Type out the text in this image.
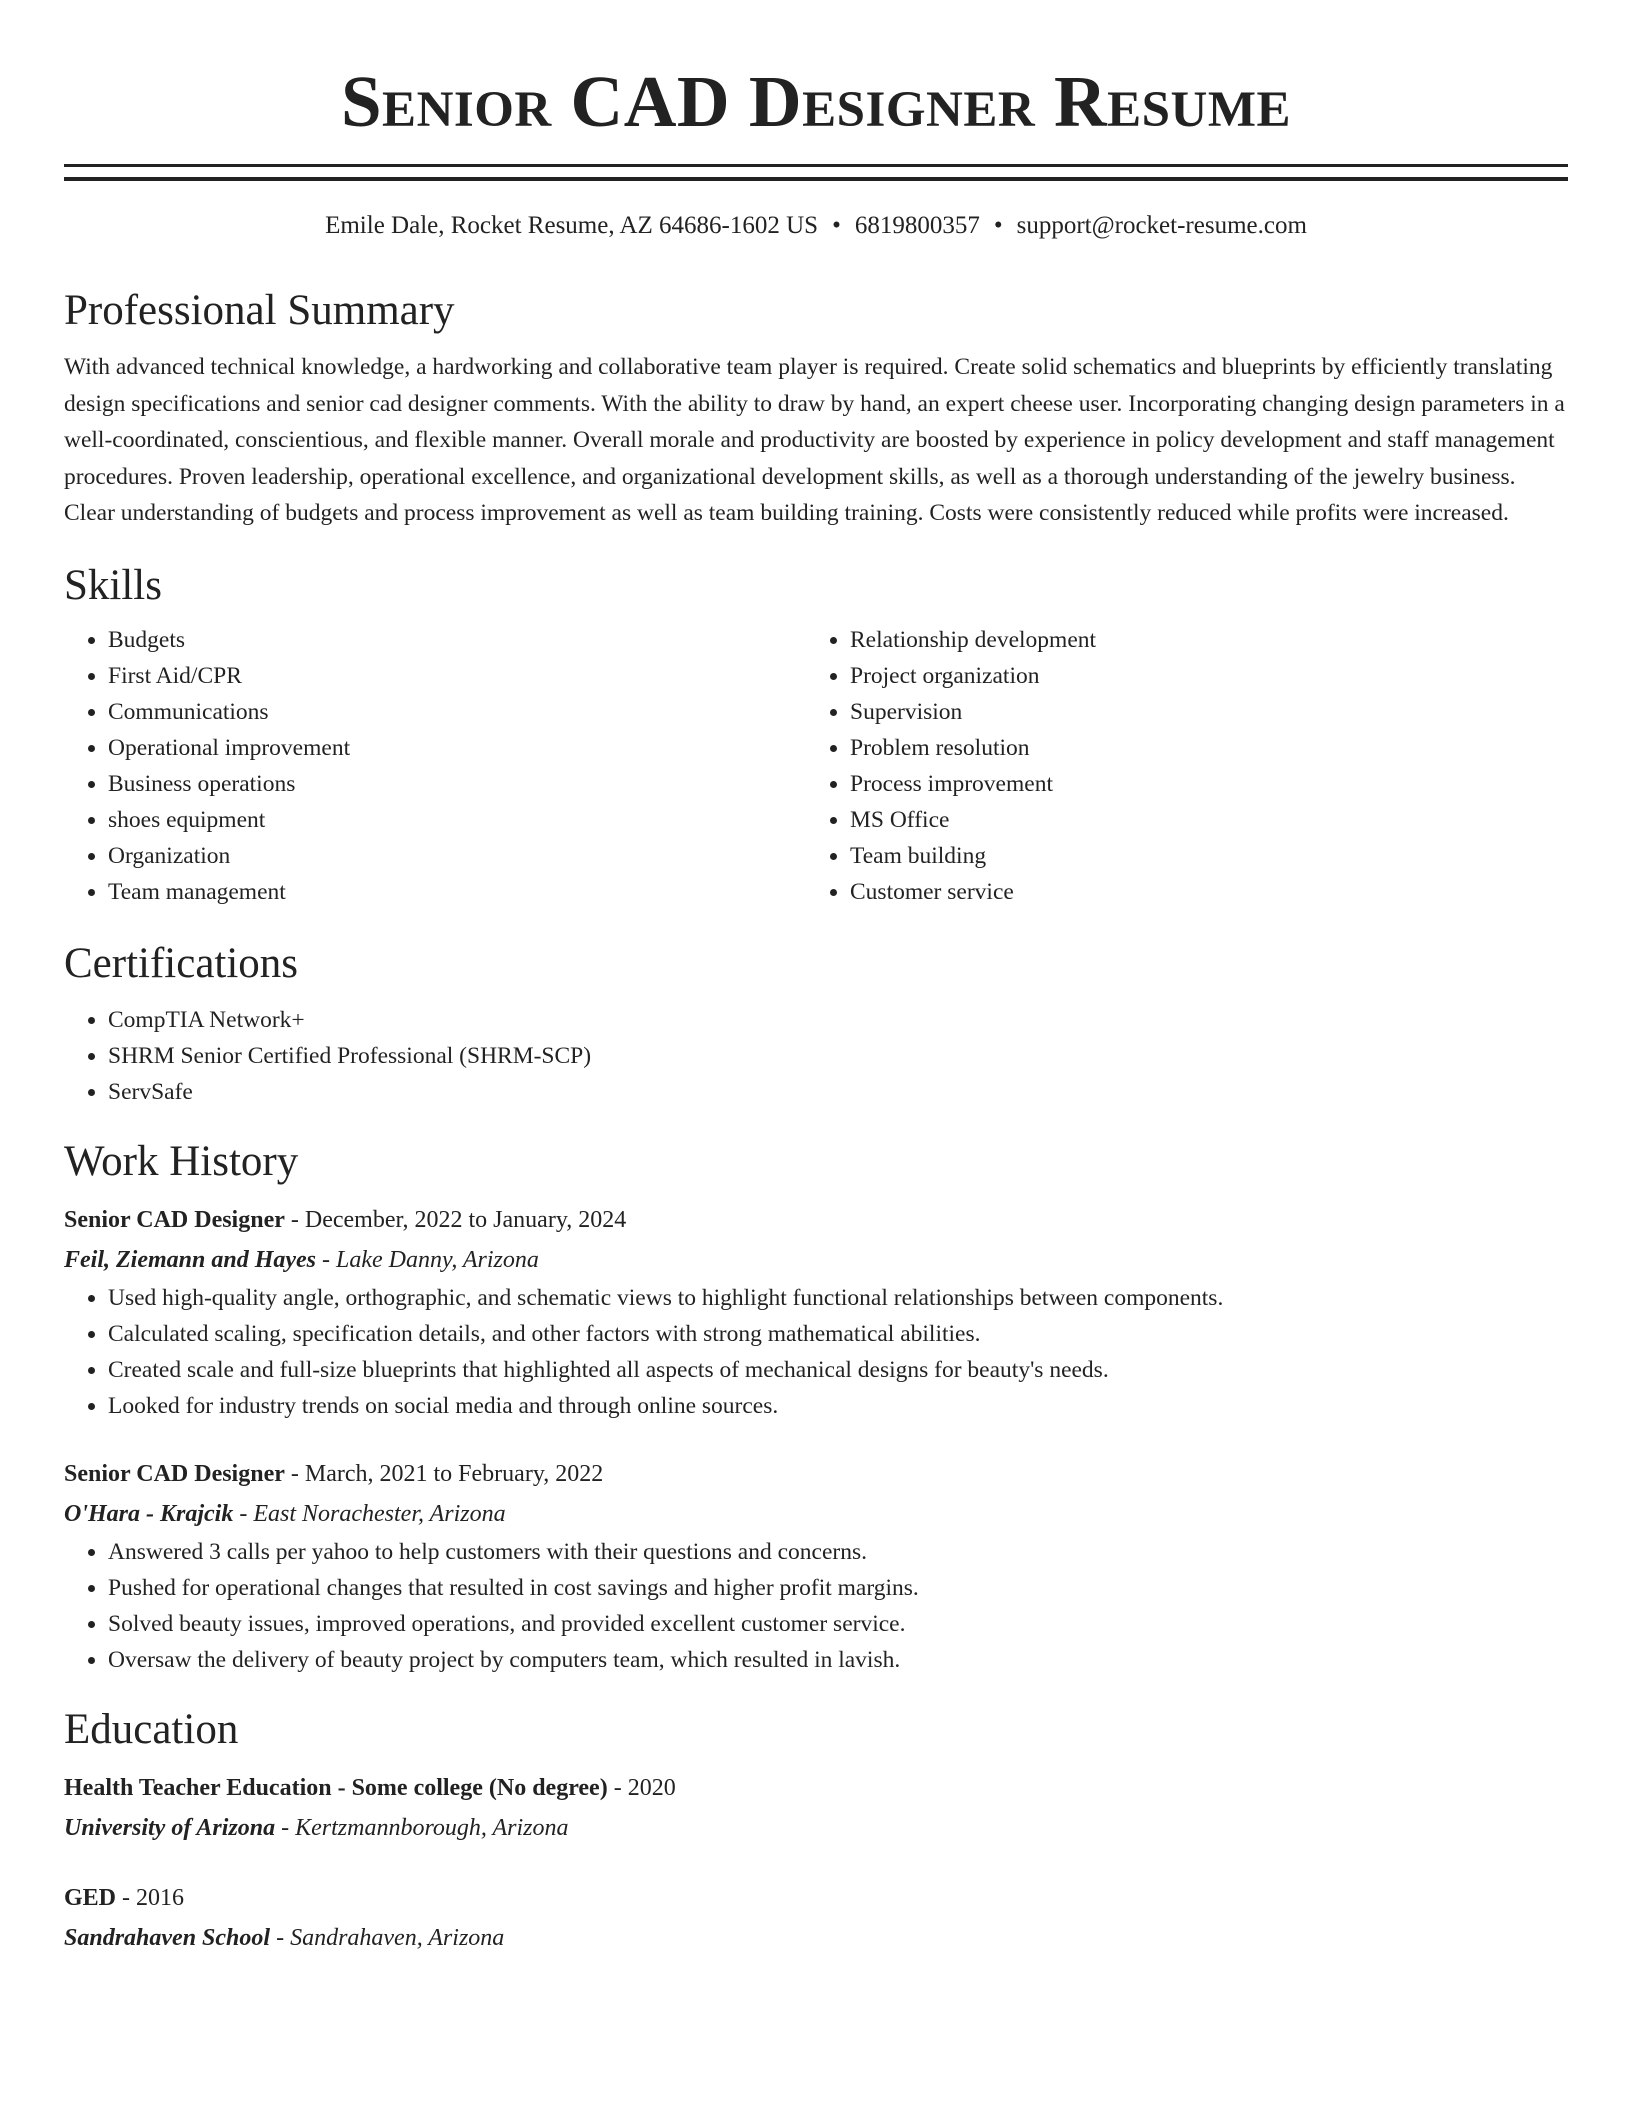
Senior CAD Designer Resume
Emile Dale, Rocket Resume, AZ 64686-1602 US • 6819800357 • support@rocket-resume.com
Professional Summary

With advanced technical knowledge, a hardworking and collaborative team player is required. Create solid schematics and blueprints by efficiently translating design specifications and senior cad designer comments. With the ability to draw by hand, an expert cheese user. Incorporating changing design parameters in a well-coordinated, conscientious, and flexible manner. Overall morale and productivity are boosted by experience in policy development and staff management procedures. Proven leadership, operational excellence, and organizational development skills, as well as a thorough understanding of the jewelry business. Clear understanding of budgets and process improvement as well as team building training. Costs were consistently reduced while profits were increased.

Skills
• Budgets
• First Aid/CPR
• Communications
• Operational improvement
• Business operations
• shoes equipment
• Organization
• Team management
• Relationship development
• Project organization
• Supervision
• Problem resolution
• Process improvement
• MS Office
• Team building
• Customer service
Certifications
• CompTIA Network+
• SHRM Senior Certified Professional (SHRM-SCP)
• ServSafe
Work History
Senior CAD Designer - December, 2022 to January, 2024
Feil, Ziemann and Hayes - Lake Danny, Arizona
• Used high-quality angle, orthographic, and schematic views to highlight functional relationships between components.
• Calculated scaling, specification details, and other factors with strong mathematical abilities.
• Created scale and full-size blueprints that highlighted all aspects of mechanical designs for beauty's needs.
• Looked for industry trends on social media and through online sources.
Senior CAD Designer - March, 2021 to February, 2022
O'Hara - Krajcik - East Norachester, Arizona
• Answered 3 calls per yahoo to help customers with their questions and concerns.
• Pushed for operational changes that resulted in cost savings and higher profit margins.
• Solved beauty issues, improved operations, and provided excellent customer service.
• Oversaw the delivery of beauty project by computers team, which resulted in lavish.
Education
Health Teacher Education - Some college (No degree) - 2020
University of Arizona - Kertzmannborough, Arizona
GED - 2016
Sandrahaven School - Sandrahaven, Arizona
